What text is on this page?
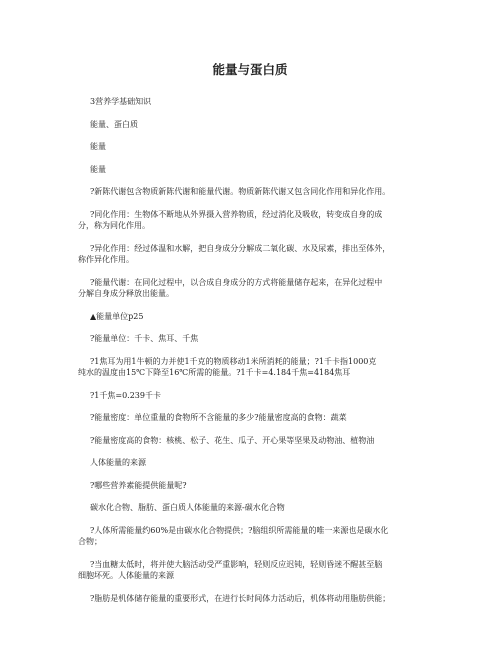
能量与蛋白质
3营养学基础知识
能量、蛋白质
能量
能量
?新陈代谢包含物质新陈代谢和能量代谢。物质新陈代谢又包含同化作用和异化作用。
?同化作用：生物体不断地从外界摄入营养物质，经过消化及吸收，转变成自身的成
分，称为同化作用。
?异化作用：经过体温和水解，把自身成分分解成二氧化碳、水及尿素，排出至体外，
称作异化作用。
?能量代谢：在同化过程中，以合成自身成分的方式将能量储存起来，在异化过程中
分解自身成分释放出能量。
▲能量单位p25
?能量单位：千卡、焦耳、千焦
?1焦耳为用1牛顿的力并使1千克的物质移动1米所消耗的能量；?1千卡指1000克
纯水的温度由15℃下降至16℃所需的能量。?1千卡=4.184千焦=4184焦耳
?1千焦=0.239千卡
?能量密度：单位重量的食物所不含能量的多少?能量密度高的食物：蔬菜
?能量密度高的食物：核桃、松子、花生、瓜子、开心果等坚果及动物油、植物油
人体能量的来源
?哪些营养素能提供能量呢?
碳水化合物、脂肪、蛋白质人体能量的来源-碳水化合物
?人体所需能量约60%是由碳水化合物提供；?脑组织所需能量的唯一来源也是碳水化
合物；
?当血糖太低时，将并使大脑活动受严重影响，轻则反应迟钝，轻则昏迷不醒甚至脑
细胞坏死。人体能量的来源
?脂肪是机体储存能量的重要形式，在进行长时间体力活动后，机体将动用脂肪供能；
